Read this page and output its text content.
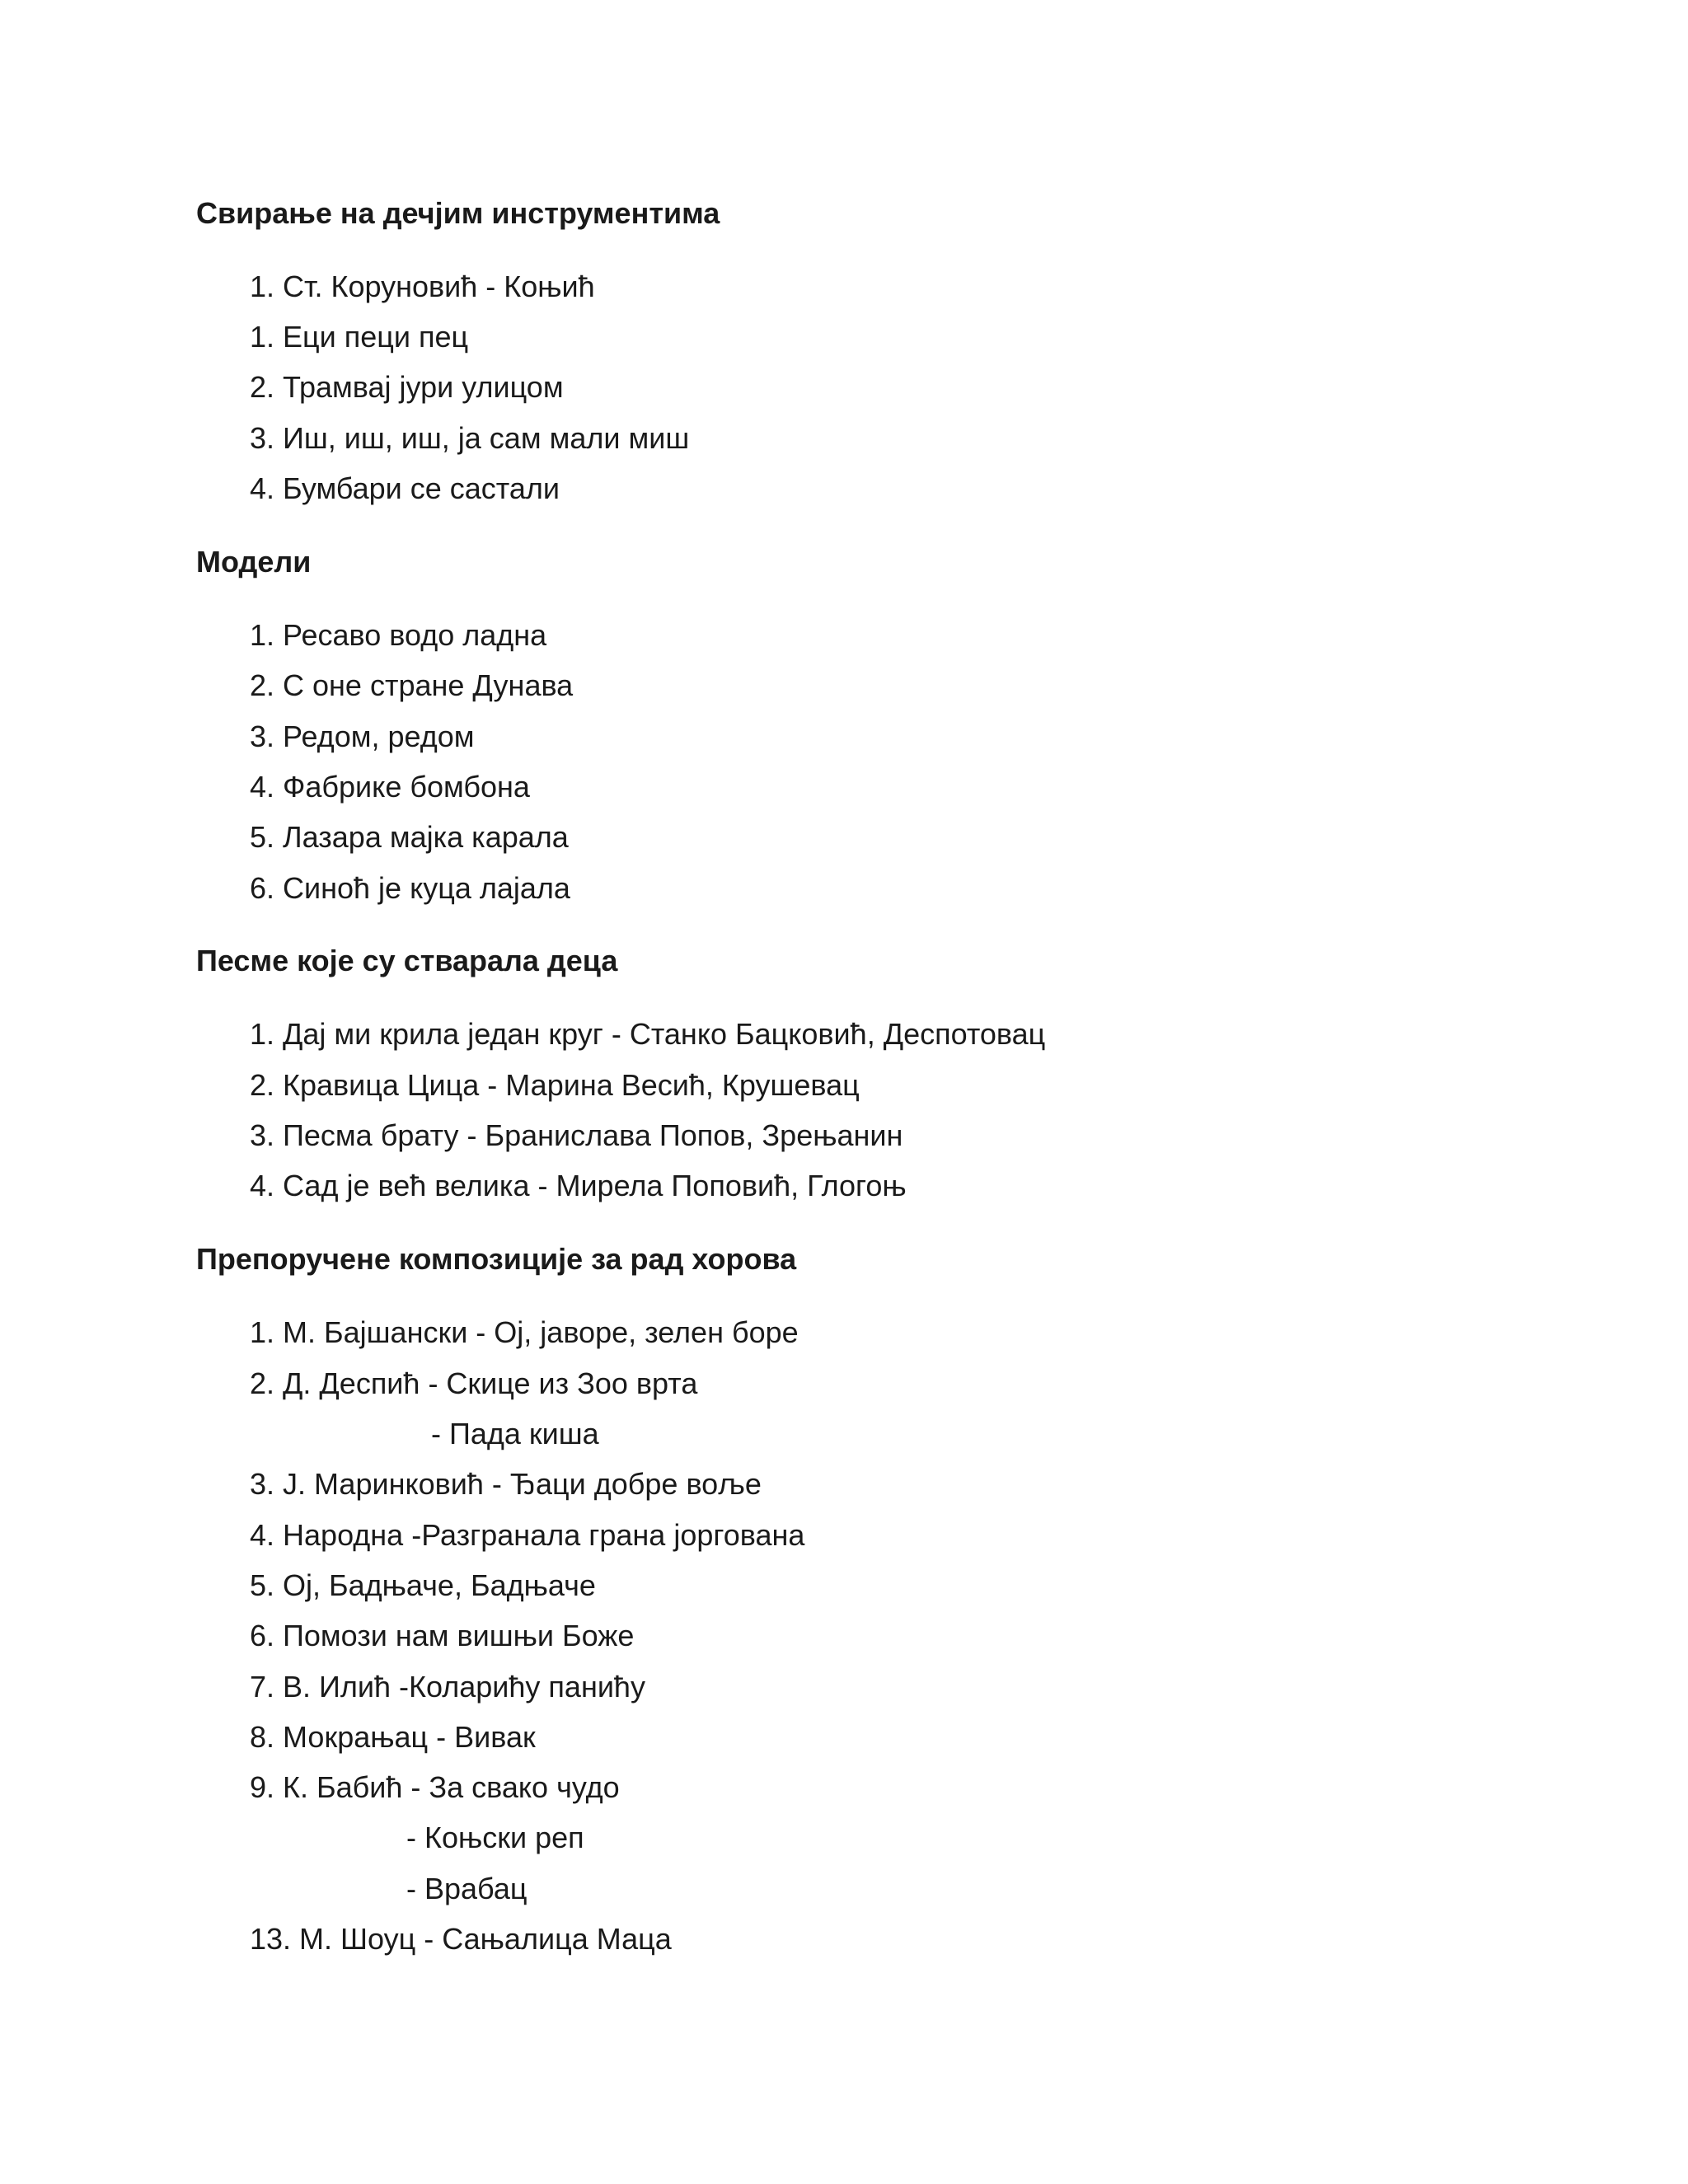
Свирање на дечјим инструментима
1. Ст. Коруновић - Коњић
1. Еци пеци пец
2. Трамвај јури улицом
3. Иш, иш, иш, ја сам мали миш
4. Бумбари се састали
Модели
1. Ресаво водо ладна
2. С оне стране Дунава
3. Редом, редом
4. Фабрике бомбона
5. Лазара мајка карала
6. Синоћ је куца лајала
Песме које су стварала деца
1. Дај ми крила један круг - Станко Бацковић, Деспотовац
2. Кравица Цица - Марина Весић, Крушевац
3. Песма брату - Бранислава Попов, Зрењанин
4. Сад је већ велика - Мирела Поповић, Глогоњ
Препоручене композиције за рад хорова
1. М. Бајшански - Ој, јаворе, зелен боре
2. Д. Деспић - Скице из Зоо врта
- Пада киша
3. Ј. Маринковић - Ђаци добре воље
4. Народна -Разгранала грана јоргована
5. Ој, Бадњаче, Бадњаче
6. Помози нам вишњи Боже
7. В. Илић -Коларићу панићу
8. Мокрањац - Вивак
9. К. Бабић - За свако чудо
- Коњски реп
- Врабац
13. М. Шоуц - Сањалица Маца
